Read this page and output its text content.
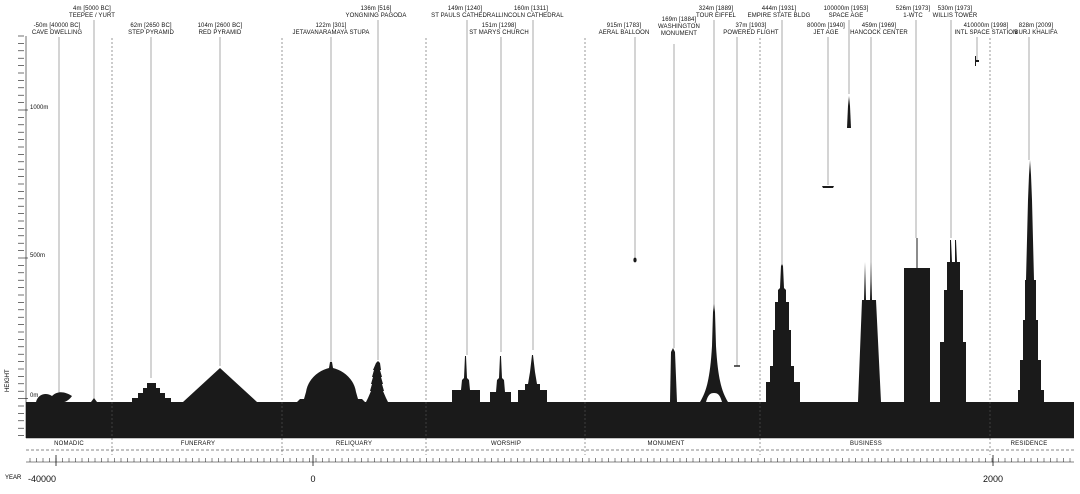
-50m [40000 BC]
CAVE DWELLING
4m [5000 BC]
TEEPEE / YURT
62m [2650 BC]
STEP PYRAMID
104m [2600 BC]
RED PYRAMID
122m [301]
JETAVANARAMAYA STUPA
136m [516]
YONGNING PAGODA
149m [1240]
ST PAULS CATHEDRAL
151m [1298]
ST MARYS CHURCH
160m [1311]
LINCOLN CATHEDRAL
915m [1783]
AERAL BALLOON
169m [1884]
WASHINGTON
MONUMENT
324m [1889]
TOUR EIFFEL
37m [1903]
POWERED FLIGHT
444m [1931]
EMPIRE STATE BLDG
8000m [1940]
JET AGE
100000m [1953]
SPACE AGE
459m [1969]
HANCOCK CENTER
526m [1973]
1-WTC
530m [1973]
WILLIS TOWER
410000m [1998]
INTL SPACE STATION
828m [2009]
BURJ KHALIFA
NOMADIC	FUNERARY	RELIQUARY	WORSHIP	MONUMENT	BUSINESS	RESIDENCE
1000m
500m
0m
HEIGHT
YEAR -40000	0	2000
